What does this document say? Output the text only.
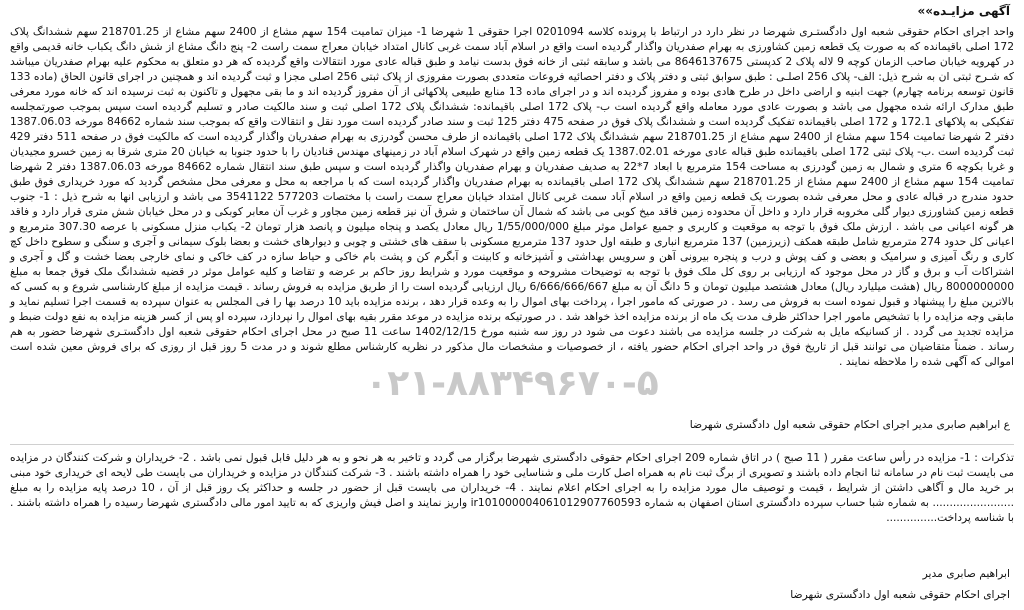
آگهی مزایـده»»

واحد اجرای احکام حقوقی شعبه اول دادگستـری شهرضا در نظر دارد در ارتباط با پرونده کلاسه 0201094 اجرا حقوقی 1 شهرضا 1- میزان تمامیت 154 سهم مشاع از 2400 سهم مشاع از 218701.25 سهم ششدانگ پلاک 172 اصلی باقیمانده که به صورت یک قطعه زمین کشاورزی به بهرام صفدریان واگذار گردیده است واقع در اسلام آباد سمت غربی کانال امتداد خیابان معراج سمت راست 2- پنج دانگ مشاع از شش دانگ یکباب خانه قدیمی واقع در کهرویه خیابان صاحب الزمان کوچه 9 لاله پلاک 2 کدپستی 8646137675 می باشد و سابقه ثبتی از خانه فوق بدست نیامد و طبق قباله عادی مورد انتقالات واقع گردیده که هر دو متعلق به محکوم علیه بهرام صفدریان میباشد که شـرح ثبتی ان به شرح ذیل: الف- پلاک 256 اصلـی : طبق سوابق ثبتی و دفتر پلاک و دفتر احصائیه فروعات متعددی بصورت مفروزی از پلاک ثبتی 256 اصلی مجزا و ثبت گردیده اند و همچنین در اجرای قانون الحاق (ماده 133 قانون توسعه برنامه چهارم) جهت ابنیه و اراضی داخل در طرح هادی بوده و مفروز گردیده اند و در اجرای ماده 13 منابع طبیعی پلاکهائی از آن مفروز گردیده اند و ما بقی مجهول و تاکنون به ثبت نرسیده اند که خانه مورد معرفی طبق مدارک ارائه شده مجهول می باشد و بصورت عادی مورد معامله واقع گردیده است ب- پلاک 172 اصلی باقیمانده: ششدانگ پلاک 172 اصلی ثبت و سند مالکیت صادر و تسلیم گردیده است سپس بموجب صورتمجلسه تفکیکی به پلاکهای 172.1 و 172 اصلی باقیمانده تفکیک گردیده است و ششدانگ پلاک فوق در صفحه 475 دفتر 125 ثبت و سند صادر گردیده است مورد نقل و انتقالات واقع که بموجب سند شماره 84662 مورخه 1387.06.03 دفتر 2 شهرضا تمامیت 154 سهم مشاع از 2400 سهم مشاع از 218701.25 سهم ششدانگ پلاک 172 اصلی باقیمانده از طرف محسن گودرزی به بهرام صفدریان واگذار گردیده است که مالکیت فوق در صفحه 511 دفتر 429 ثبت گردیده است .ب- پلاک ثبتی 172 اصلی باقیمانده طبق قباله عادی مورخه 1387.02.01 یک قطعه زمین واقع در شهرک اسلام آباد در زمینهای مهندس قنادیان را با حدود جنوبا به خیابان 20 متری شرقا به زمین خسرو مجیدیان و غربا بکوچه 6 متری و شمال به زمین گودرزی به مساحت 154 مترمربع با ابعاد 7*22 به صدیف صفدریان و بهرام صفدریان واگذار گردیده است و سپس طبق سند انتقال شماره 84662 مورخه 1387.06.03 دفتر 2 شهرضا تمامیت 154 سهم مشاع از 2400 سهم مشاع از 218701.25 سهم ششدانگ پلاک 172 اصلی باقیمانده به بهرام صفدریان واگذار گردیده است که با مراجعه به محل و معرفی محل مشخص گردید که مورد خریداری فوق طبق حدود مندرج در قباله عادی و محل معرفی شده بصورت یک قطعه زمین واقع در اسلام آباد سمت غربی کانال امتداد خیابان معراج سمت راست با مختصات 577203 3541122 می باشد و ارزیابی انها به شرح ذیل : 1- جنوب قطعه زمین کشاورزی دیوار گلی مخروبه قرار دارد و داخل آن محدوده زمین فاقد میخ کوبی می باشد که شمال آن ساختمان و شرق آن نیز قطعه زمین مجاور و غرب آن معابر کوبکی و در محل خیابان شش متری قرار دارد و فاقد هر گونه اعیانی می باشد . ارزش ملک فوق با توجه به موقعیت و کاربری و جمیع عوامل موثر مبلغ 1/55/000/000 ریال معادل یکصد و پنجاه میلیون و پانصد هزار تومان 2- یکباب منزل مسکونی با عرصه 307.30 مترمربع و اعیانی کل حدود 274 مترمربع شامل طبقه همکف (زیرزمین) 137 مترمربع انباری و طبقه اول حدود 137 مترمربع مسکونی با سقف های خشتی و چوبی و دیوارهای خشت و بعضا بلوک سیمانی و آجری و سنگی و سطوح داخل کچ کاری و رنگ آمیزی و سرامیک و بعضی و کف پوش و درب و پنجره بیرونی آهن و سرویس بهداشتی و آشپزخانه و کابینت و آبگرم کن و پشت بام خاکی و حیاط سازه در کف خاکی و نمای خارجی بعضا خشت و گل و آجری و اشتراکات آب و برق و گاز در محل موجود که ارزیابی بر روی کل ملک فوق با توجه به توضیحات مشروحه و موقعیت مورد و شرایط روز حاکم بر عرضه و تقاضا و کلیه عوامل موثر در قضیه ششدانگ ملک فوق جمعا به مبلغ 8000000000 ریال (هشت میلیارد ریال) معادل هشتصد میلیون تومان و 5 دانگ آن به مبلغ 6/666/666/667 ریال ارزیابی گردیده است را از طریق مزایده به فروش رساند . قیمت مزایده از مبلغ کارشناسی شروع و به کسی که بالاترین مبلغ را پیشنهاد و قبول نموده است به فروش می رسد . در صورتی که مامور اجرا ، پرداخت بهای اموال را به وعده قرار دهد ، برنده مزایده باید 10 درصد بها را فی المجلس به عنوان سپرده به قسمت اجرا تسلیم نماید و مابقی وجه مزایده را با تشخیص مامور اجرا حداکثر ظرف مدت یک ماه از برنده مزایده اخذ خواهد شد . در صورتیکه برنده مزایده در موعد مقرر بقیه بهای اموال را نپردازد، سپرده او پس از کسر هزینه مزایده به نفع دولت ضبط و مزایده تجدید می گردد . از کسانیکه مایل به شرکت در جلسه مزایده می باشند دعوت می شود در روز سه شنبه مورخ 1402/12/15 ساعت 11 صبح در محل اجرای احکام حقوقی شعبه اول دادگستـری شهرضا حضور به هم رساند . ضمناً متقاضیان می توانند قبل از تاریخ فوق در واحد اجرای احکام حضور یافته ، از خصوصیات و مشخصات مال مذکور در نظریه کارشناس مطلع شوند و در مدت 5 روز قبل از روزی که برای فروش معین شده است اموالی که آگهی شده را ملاحظه نمایند .

۰۲۱-۸۸۳۴۹۶۷۰-۵
ع ابراهیم صابری مدیر اجرای احکام حقوقی شعبه اول دادگستری شهرضا
تذکرات : 1- مزایده در رأس ساعت مقرر ( 11 صبح ) در اتاق شماره 209 اجرای احکام حقوقی دادگستری شهرضا برگزار می گردد و تاخیر به هر نحو و به هر دلیل قابل قبول نمی باشد . 2- خریداران و شرکت کنندگان در مزایده می بایست ثبت نام در سامانه ثنا انجام داده باشند و تصویری از برگ ثبت نام به همراه اصل کارت ملی و شناسایی خود را همراه داشته باشند . 3- شرکت کنندگان در مزایده و خریداران می بایست طی لایحه ای خریداری خود مبنی بر خرید مال و آگاهی داشتن از شرایط ، قیمت و توصیف مال مورد مزایده را به اجرای احکام اعلام نمایند . 4- خریداران می بایست قبل از حضور در جلسه و حداکثر یک روز قبل از آن ، 10 درصد پایه مزایده را به مبلغ ........................ به شماره شبا حساب سپرده دادگستری استان اصفهان به شماره ir101000004061012907760593 واریز نمایند و اصل فیش واریزی که به تایید امور مالی دادگستری شهرضا رسیده را همراه داشته باشند . با شناسه پرداخت...............
ابراهیم صابری مدیر
اجرای احکام حقوقی شعبه اول دادگستری شهرضا
